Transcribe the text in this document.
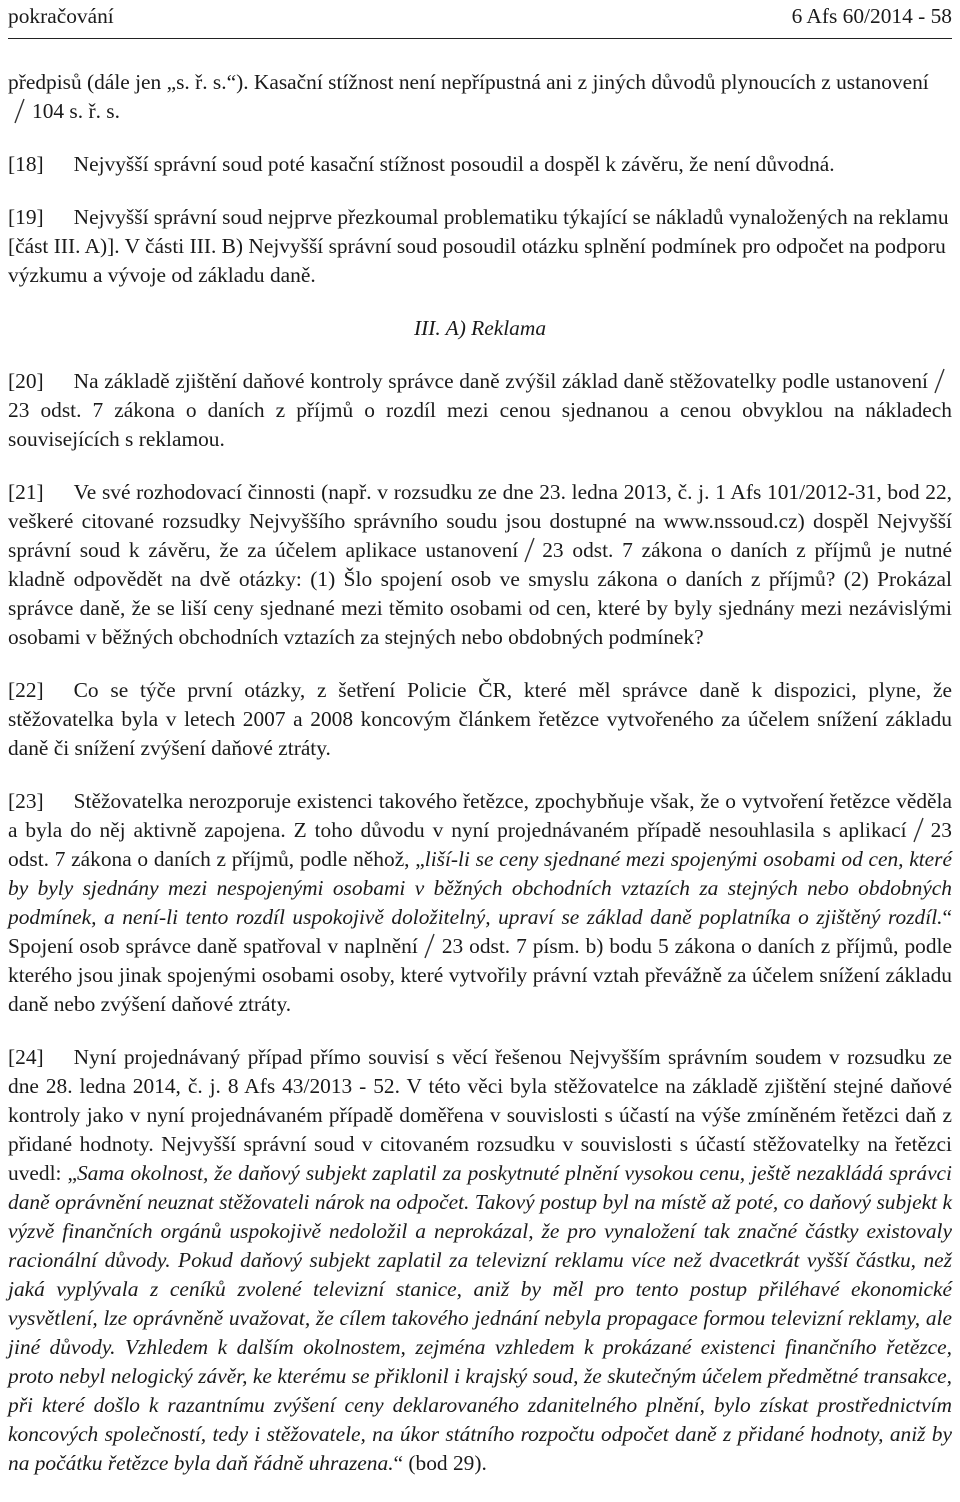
pokračování	6 Afs 60/2014 - 58

předpisů (dále jen „s. ř. s.“). Kasační stížnost není nepřípustná ani z jiných důvodů plynoucích z ustanovení
104 s. ř. s.

[18] Nejvyšší správní soud poté kasační stížnost posoudil a dospěl k závěru, že není důvodná.

[19] Nejvyšší správní soud nejprve přezkoumal problematiku týkající se nákladů vynaložených na reklamu [část III. A)]. V části III. B) Nejvyšší správní soud posoudil otázku splnění podmínek pro odpočet na podporu výzkumu a vývoje od základu daně.

III. A) Reklama

[20] Na základě zjištění daňové kontroly správce daně zvýšil základ daně stěžovatelky podle ustanovení
23 odst. 7 zákona o daních z příjmů o rozdíl mezi cenou sjednanou a cenou obvyklou na nákladech souvisejících s reklamou.

[21] Ve své rozhodovací činnosti (např. v rozsudku ze dne 23. ledna 2013, č. j. 1 Afs 101/2012-31, bod 22, veškeré citované rozsudky Nejvyššího správního soudu jsou dostupné na www.nssoud.cz) dospěl Nejvyšší správní soud k závěru, že za účelem aplikace ustanovení 23 odst. 7 zákona o daních z příjmů je nutné kladně odpovědět na dvě otázky: (1) Šlo spojení osob ve smyslu zákona o daních z příjmů? (2) Prokázal správce daně, že se liší ceny sjednané mezi těmito osobami od cen, které by byly sjednány mezi nezávislými osobami v běžných obchodních vztazích za stejných nebo obdobných podmínek?

[22] Co se týče první otázky, z šetření Policie ČR, které měl správce daně k dispozici, plyne, že stěžovatelka byla v letech 2007 a 2008 koncovým článkem řetězce vytvořeného za účelem snížení základu daně či snížení zvýšení daňové ztráty.

[23] Stěžovatelka nerozporuje existenci takového řetězce, zpochybňuje však, že o vytvoření řetězce věděla a byla do něj aktivně zapojena. Z toho důvodu v nyní projednávaném případě nesouhlasila s aplikací 23 odst. 7 zákona o daních z příjmů, podle něhož, „liší-li se ceny sjednané mezi spojenými osobami od cen, které by byly sjednány mezi nespojenými osobami v běžných obchodních vztazích za stejných nebo obdobných podmínek, a není-li tento rozdíl uspokojivě doložitelný, upraví se základ daně poplatníka o zjištěný rozdíl.“ Spojení osob správce daně spatřoval v naplnění 23 odst. 7 písm. b) bodu 5 zákona o daních z příjmů, podle kterého jsou jinak spojenými osobami osoby, které vytvořily právní vztah převážně za účelem snížení základu daně nebo zvýšení daňové ztráty.

[24] Nyní projednávaný případ přímo souvisí s věcí řešenou Nejvyšším správním soudem v rozsudku ze dne 28. ledna 2014, č. j. 8 Afs 43/2013 - 52. V této věci byla stěžovatelce na základě zjištění stejné daňové kontroly jako v nyní projednávaném případě doměřena v souvislosti s účastí na výše zmíněném řetězci daň z přidané hodnoty. Nejvyšší správní soud v citovaném rozsudku v souvislosti s účastí stěžovatelky na řetězci uvedl: „Sama okolnost, že daňový subjekt zaplatil za poskytnuté plnění vysokou cenu, ještě nezakládá správci daně oprávnění neuznat stěžovateli nárok na odpočet. Takový postup byl na místě až poté, co daňový subjekt k výzvě finančních orgánů uspokojivě nedoložil a neprokázal, že pro vynaložení tak značné částky existovaly racionální důvody. Pokud daňový subjekt zaplatil za televizní reklamu více než dvacetkrát vyšší částku, než jaká vyplývala z ceníků zvolené televizní stanice, aniž by měl pro tento postup přiléhavé ekonomické vysvětlení, lze oprávněně uvažovat, že cílem takového jednání nebyla propagace formou televizní reklamy, ale jiné důvody. Vzhledem k dalším okolnostem, zejména vzhledem k prokázané existenci finančního řetězce, proto nebyl nelogický závěr, ke kterému se přiklonil i krajský soud, že skutečným účelem předmětné transakce, při které došlo k razantnímu zvýšení ceny deklarovaného zdanitelného plnění, bylo získat prostřednictvím koncových společností, tedy i stěžovatele, na úkor státního rozpočtu odpočet daně z přidané hodnoty, aniž by na počátku řetězce byla daň řádně uhrazena.“ (bod 29).
